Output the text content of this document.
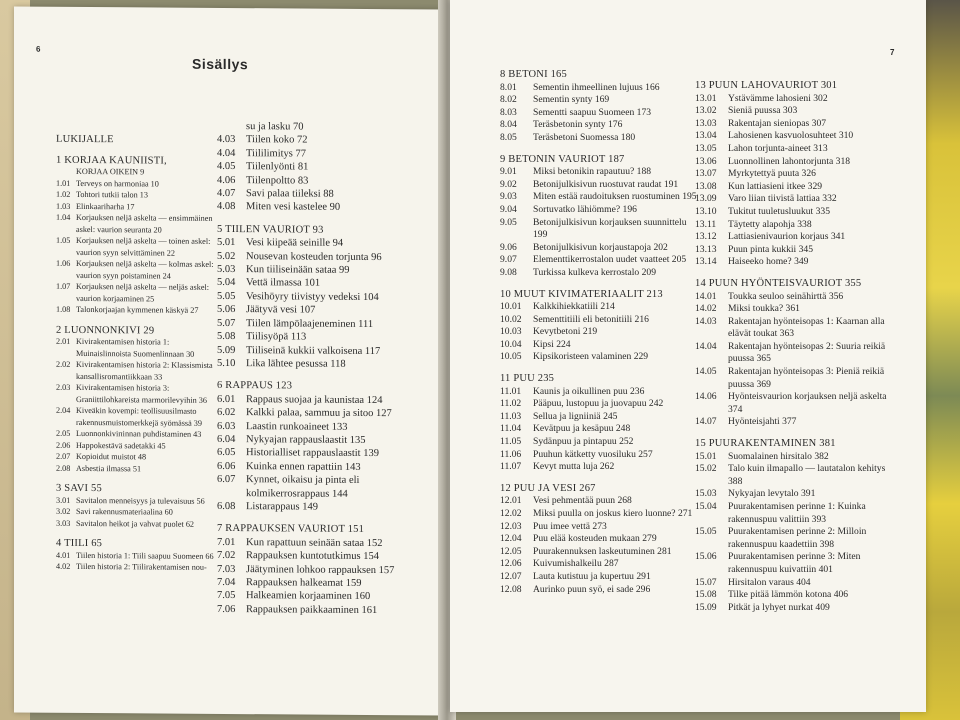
6
Sisällys
LUKIJALLE
1 KORJAA KAUNIISTI,
KORJAA OIKEIN 9
1.01 Terveys on harmoniaa 10
1.02 Tohtori tutkii talon 13
1.03 Elinkaariharha 17
1.04 Korjauksen neljä askelta — ensimmäinen askel: vaurion seuranta 20
1.05 Korjauksen neljä askelta — toinen askel: vaurion syyn selvittäminen 22
1.06 Korjauksen neljä askelta — kolmas askel: vaurion syyn poistaminen 24
1.07 Korjauksen neljä askelta — neljäs askel: vaurion korjaaminen 25
1.08 Talonkorjaajan kymmenen käskyä 27
2 LUONNONKIVI 29
2.01 Kivirakentamisen historia 1: Muinaislinnoista Suomenlinnaan 30
2.02 Kivirakentamisen historia 2: Klassismista kansallisromantiikkaan 33
2.03 Kivirakentamisen historia 3: Graniittilohkareista marmorilevyihin 36
2.04 Kiveäkin kovempi: teollisuusilmasto rakennusmuistomerkkejä syömässä 39
2.05 Luonnonkiviпinnan puhdistaminen 43
2.06 Happokestävä sadetakki 45
2.07 Kopioidut muistot 48
2.08 Asbestia ilmassa 51
3 SAVI 55
3.01 Savitalon menneisyys ja tulevaisuus 56
3.02 Savi rakennusmateriaalina 60
3.03 Savitalon heikot ja vahvat puolet 62
4 TIILI 65
4.01 Tiilen historia 1: Tiili saapuu Suomeen 66
4.02 Tiilen historia 2: Tiilirakentamisen nou-
su ja lasku 70
4.03	Tiilen koko 72
4.04	Tiililimitys 77
4.05	Tiilenlyönti 81
4.06	Tiilenpoltto 83
4.07	Savi palaa tiileksi 88
4.08	Miten vesi kastelee 90
5 TIILEN VAURIOT 93
5.01	Vesi kiipeää seinille 94
5.02	Nousevan kosteuden torjunta 96
5.03	Kun tiiliseinään sataa 99
5.04	Vettä ilmassa 101
5.05	Vesihöyry tiivistyy vedeksi 104
5.06	Jäätyvä vesi 107
5.07	Tiilen lämpölaajeneminen 111
5.08	Tiilisyöpä 113
5.09	Tiiliseinä kukkii valkoisena 117
5.10	Lika lähtee pesussa 118
6 RAPPAUS 123
6.01	Rappaus suojaa ja kaunistaa 124
6.02	Kalkki palaa, sammuu ja sitoo 127
6.03	Laastin runkoaineet 133
6.04	Nykyajan rappauslaastit 135
6.05	Historialliset rappauslaastit 139
6.06	Kuinka ennen rapattiin 143
6.07	Kynnet, oikaisu ja pinta eli kolmikerrosrappaus 144
6.08	Listarappaus 149
7 RAPPAUKSEN VAURIOT 151
7.01	Kun rapattuun seinään sataa 152
7.02	Rappauksen kuntotutkimus 154
7.03	Jäätyminen lohkoo rappauksen 157
7.04	Rappauksen halkeamat 159
7.05	Halkeamien korjaaminen 160
7.06	Rappauksen paikkaaminen 161
7
8 BETONI 165
8.01	Sementin ihmeellinen lujuus 166
8.02	Sementin synty 169
8.03	Sementti saapuu Suomeen 173
8.04	Teräsbetonin synty 176
8.05	Teräsbetoni Suomessa 180
9 BETONIN VAURIOT 187
9.01	Miksi betonikin rapautuu? 188
9.02	Betonijulkisivun ruostuvat raudat 191
9.03	Miten estää raudoituksen ruostuminen 195
9.04	Sortuvatko lähiömme? 196
9.05	Betonijulkisivun korjauksen suunnittelu 199
9.06	Betonijulkisivun korjaustapoja 202
9.07	Elementtikerrostalon uudet vaatteet 205
9.08	Turkissa kulkeva kerrostalo 209
10 MUUT KIVIMATERIAALIT 213
10.01	Kalkkihiekkatiili 214
10.02	Sementtitiili eli betonitiili 216
10.03	Kevytbetoni 219
10.04	Kipsi 224
10.05	Kipsikoristeen valaminen 229
11 PUU 235
11.01	Kaunis ja oikullinen puu 236
11.02	Pääpuu, lustopuu ja juovapuu 242
11.03	Sellua ja ligniiniä 245
11.04	Kevätpuu ja kesäpuu 248
11.05	Sydänpuu ja pintapuu 252
11.06	Puuhun kätketty vuosiluku 257
11.07	Kevyt mutta luja 262
12 PUU JA VESI 267
12.01	Vesi pehmentää puun 268
12.02	Miksi puulla on joskus kiero luonne? 271
12.03	Puu imee vettä 273
12.04	Puu elää kosteuden mukaan 279
12.05	Puurakennuksen laskeutuminen 281
12.06	Kuivumishalkeilu 287
12.07	Lauta kutistuu ja kupertuu 291
12.08	Aurinko puun syö, ei sade 296
13 PUUN LAHOVAURIOT 301
13.01	Ystävämme lahosieni 302
13.02	Sieniä puussa 303
13.03	Rakentajan sieniopas 307
13.04	Lahosienen kasvuolosuhteet 310
13.05	Lahon torjunta-aineet 313
13.06	Luonnollinen lahontorjunta 318
13.07	Myrkytettyä puuta 326
13.08	Kun lattiasieni itkee 329
13.09	Varo liian tiivistä lattiaa 332
13.10	Tukitut tuuletusluukut 335
13.11	Täytetty alapohja 338
13.12	Lattiasienivaurion korjaus 341
13.13	Puun pinta kukkii 345
13.14	Haiseeko home? 349
14 PUUN HYÖNTEISVAURIOT 355
14.01	Toukka seuloo seinähirttä 356
14.02	Miksi toukka? 361
14.03	Rakentajan hyönteisopas 1: Kaarnan alla elävät toukat 363
14.04	Rakentajan hyönteisopas 2: Suuria reikiä puussa 365
14.05	Rakentajan hyönteisopas 3: Pieniä reikiä puussa 369
14.06	Hyönteisvaurion korjauksen neljä askelta 374
14.07	Hyönteisjahti 377
15 PUURAKENTAMINEN 381
15.01	Suomalainen hirsitalo 382
15.02	Talo kuin ilmapallo — lautatalon kehitys 388
15.03	Nykyajan levytalo 391
15.04	Puurakentamisen perinne 1: Kuinka rakennuspuu valittiin 393
15.05	Puurakentamisen perinne 2: Milloin rakennuspuu kaadettiin 398
15.06	Puurakentamisen perinne 3: Miten rakennuspuu kuivattiin 401
15.07	Hirsitalon varaus 404
15.08	Tilke pitää lämmön kotona 406
15.09	Pitkät ja lyhyet nurkat 409
